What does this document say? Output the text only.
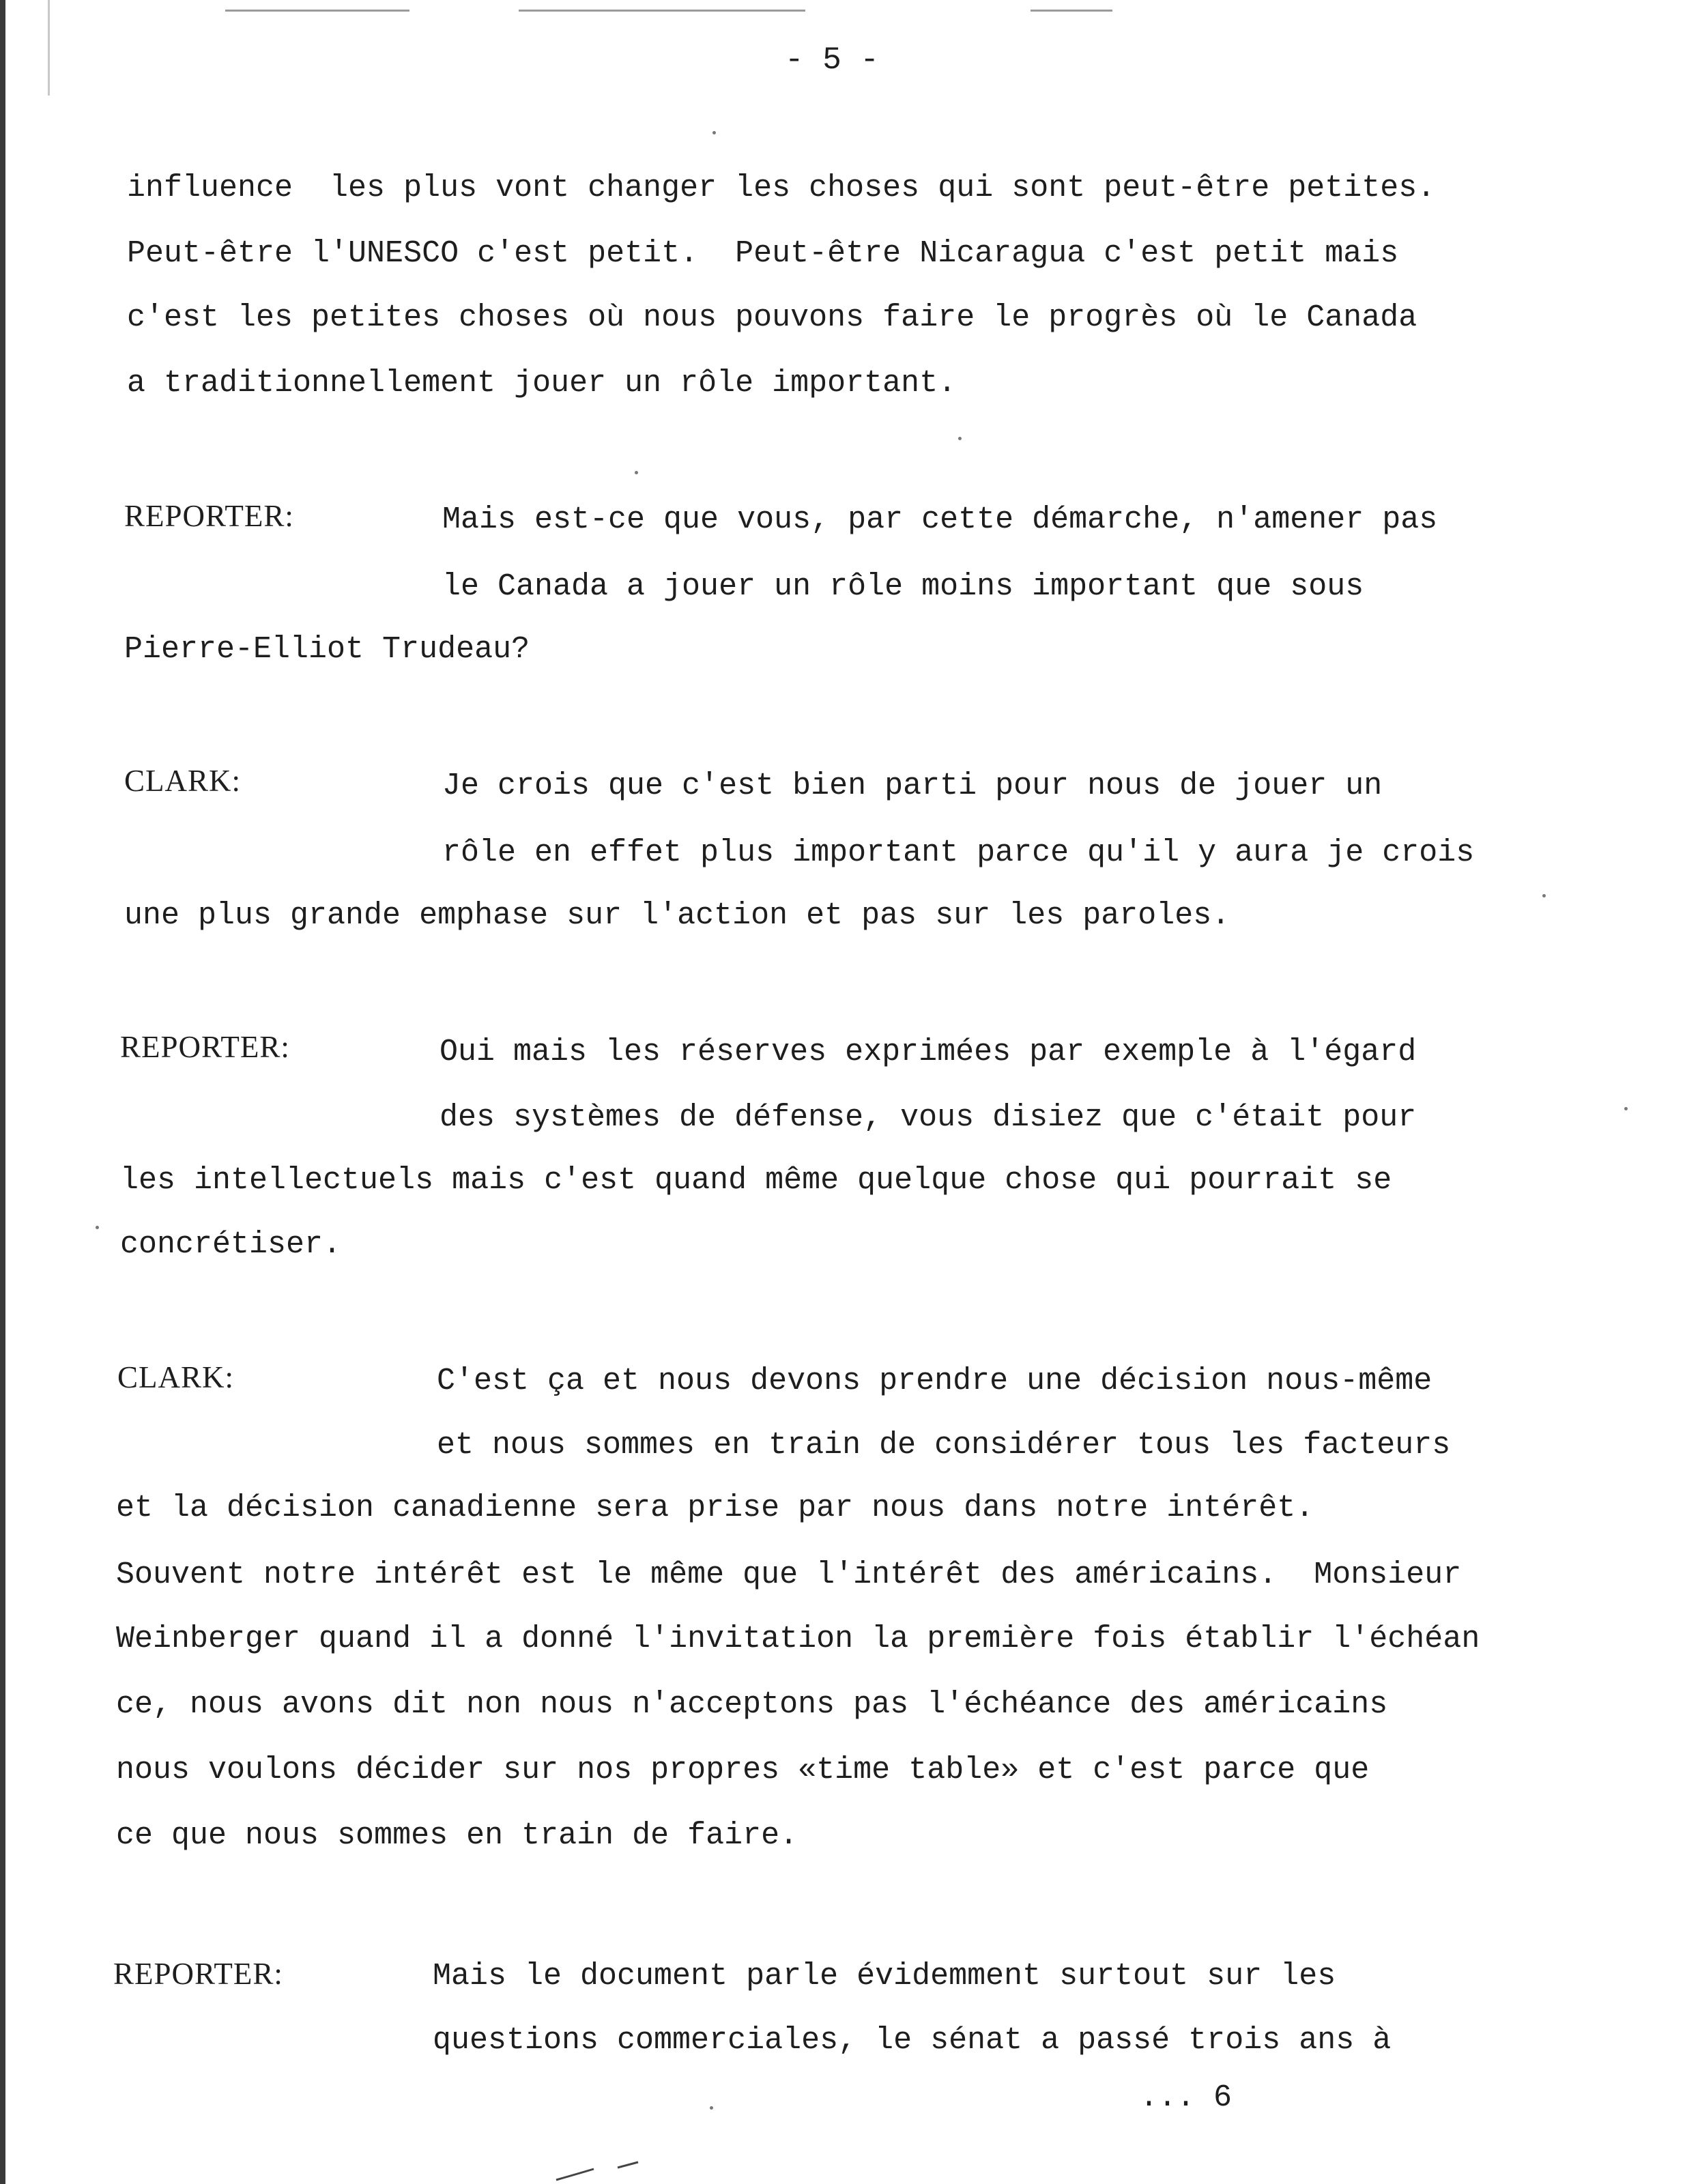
- 5 -
influence  les plus vont changer les choses qui sont peut-être petites.
Peut-être l'UNESCO c'est petit.  Peut-être Nicaragua c'est petit mais
c'est les petites choses où nous pouvons faire le progrès où le Canada
a traditionnellement jouer un rôle important.
REPORTER:	Mais est-ce que vous, par cette démarche, n'amener pas
le Canada a jouer un rôle moins important que sous
Pierre-Elliot Trudeau?
CLARK:	Je crois que c'est bien parti pour nous de jouer un
rôle en effet plus important parce qu'il y aura je crois
une plus grande emphase sur l'action et pas sur les paroles.
REPORTER:	Oui mais les réserves exprimées par exemple à l'égard
des systèmes de défense, vous disiez que c'était pour
les intellectuels mais c'est quand même quelque chose qui pourrait se
concrétiser.
CLARK:	C'est ça et nous devons prendre une décision nous-même
et nous sommes en train de considérer tous les facteurs
et la décision canadienne sera prise par nous dans notre intérêt.
Souvent notre intérêt est le même que l'intérêt des américains.  Monsieur
Weinberger quand il a donné l'invitation la première fois établir l'échéan
ce, nous avons dit non nous n'acceptons pas l'échéance des américains
nous voulons décider sur nos propres «time table» et c'est parce que
ce que nous sommes en train de faire.
REPORTER:	Mais le document parle évidemment surtout sur les
questions commerciales, le sénat a passé trois ans à
... 6
